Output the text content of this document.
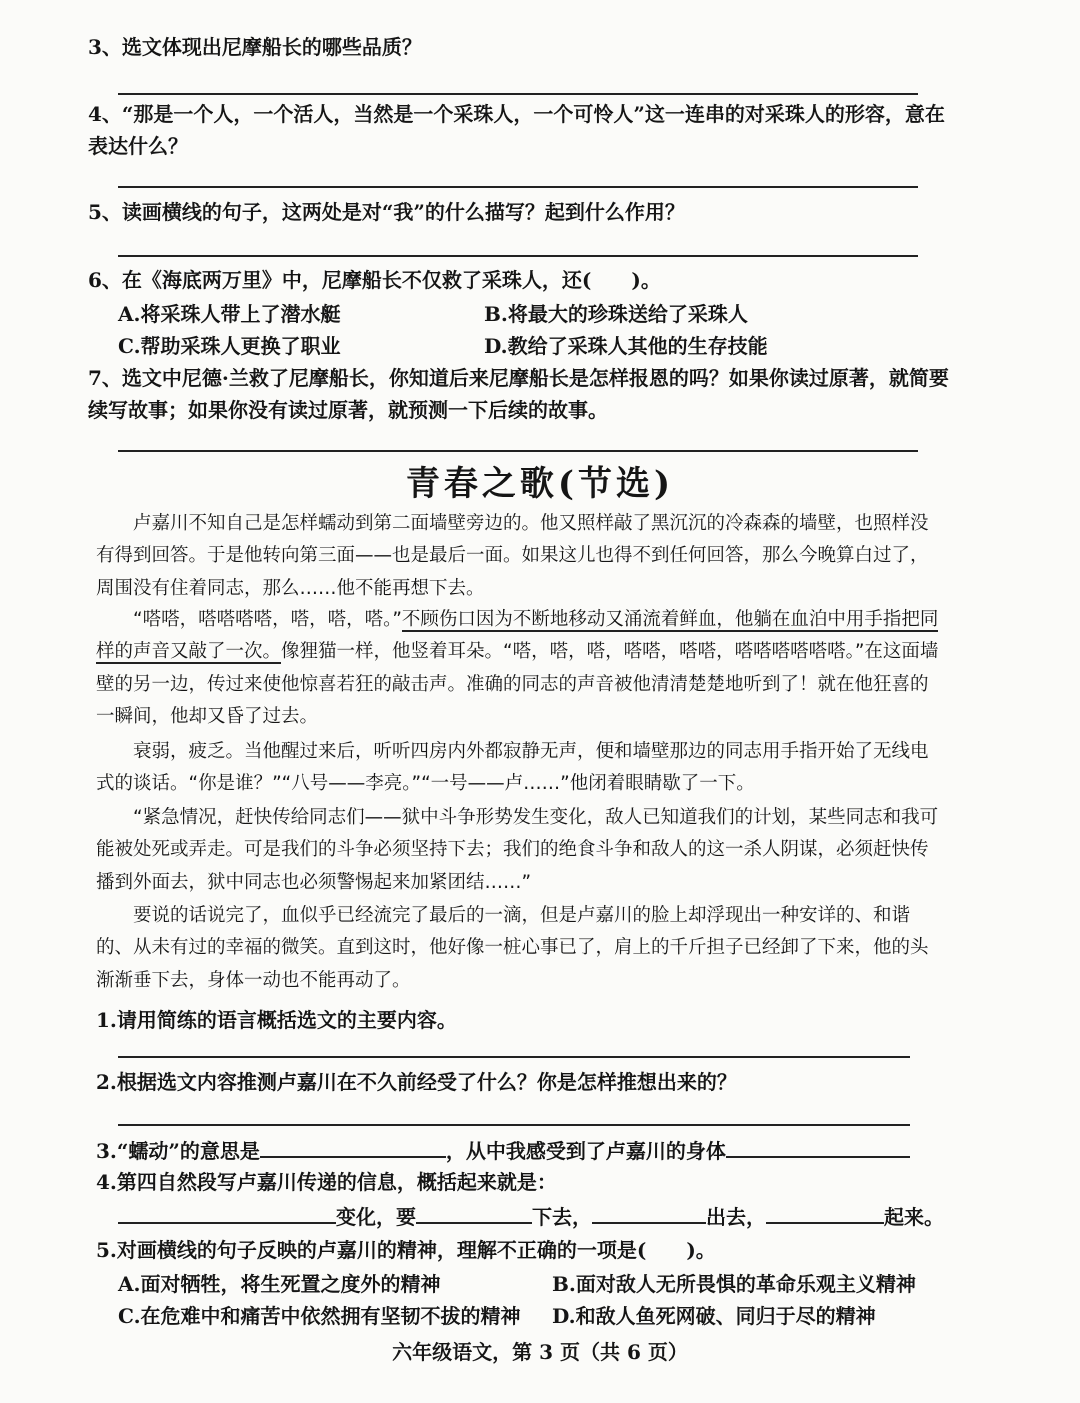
3、选文体现出尼摩船长的哪些品质？
4、“那是一个人，一个活人，当然是一个采珠人，一个可怜人”这一连串的对采珠人的形容，意在表达什么？
5、读画横线的句子，这两处是对“我”的什么描写？起到什么作用？
6、在《海底两万里》中，尼摩船长不仅救了采珠人，还(　　)。
A.将采珠人带上了潜水艇	B.将最大的珍珠送给了采珠人
C.帮助采珠人更换了职业	D.教给了采珠人其他的生存技能
7、选文中尼德·兰救了尼摩船长，你知道后来尼摩船长是怎样报恩的吗？如果你读过原著，就简要续写故事；如果你没有读过原著，就预测一下后续的故事。
青春之歌(节选)
卢嘉川不知自己是怎样蠕动到第二面墙壁旁边的。他又照样敲了黑沉沉的冷森森的墙壁，也照样没有得到回答。于是他转向第三面——也是最后一面。如果这儿也得不到任何回答，那么今晚算白过了，周围没有住着同志，那么……他不能再想下去。
“嗒嗒，嗒嗒嗒嗒，嗒，嗒，嗒。”不顾伤口因为不断地移动又涌流着鲜血，他躺在血泊中用手指把同样的声音又敲了一次。像狸猫一样，他竖着耳朵。“嗒，嗒，嗒，嗒嗒，嗒嗒，嗒嗒嗒嗒嗒嗒。”在这面墙壁的另一边，传过来使他惊喜若狂的敲击声。准确的同志的声音被他清清楚楚地听到了！就在他狂喜的一瞬间，他却又昏了过去。
衰弱，疲乏。当他醒过来后，听听四房内外都寂静无声，便和墙壁那边的同志用手指开始了无线电式的谈话。“你是谁？”“八号——李亮。”“一号——卢……”他闭着眼睛歇了一下。
“紧急情况，赶快传给同志们——狱中斗争形势发生变化，敌人已知道我们的计划，某些同志和我可能被处死或弄走。可是我们的斗争必须坚持下去；我们的绝食斗争和敌人的这一杀人阴谋，必须赶快传播到外面去，狱中同志也必须警惕起来加紧团结……”
要说的话说完了，血似乎已经流完了最后的一滴，但是卢嘉川的脸上却浮现出一种安详的、和谐的、从未有过的幸福的微笑。直到这时，他好像一桩心事已了，肩上的千斤担子已经卸了下来，他的头渐渐垂下去，身体一动也不能再动了。
1.请用简练的语言概括选文的主要内容。
2.根据选文内容推测卢嘉川在不久前经受了什么？你是怎样推想出来的？
3.“蠕动”的意思是	，从中我感受到了卢嘉川的身体
4.第四自然段写卢嘉川传递的信息，概括起来就是：
变化，要	下去，	出去，	起来。
5.对画横线的句子反映的卢嘉川的精神，理解不正确的一项是(　　)。
A.面对牺牲，将生死置之度外的精神	B.面对敌人无所畏惧的革命乐观主义精神
C.在危难中和痛苦中依然拥有坚韧不拔的精神 D.和敌人鱼死网破、同归于尽的精神
六年级语文，第 3 页（共 6 页）
